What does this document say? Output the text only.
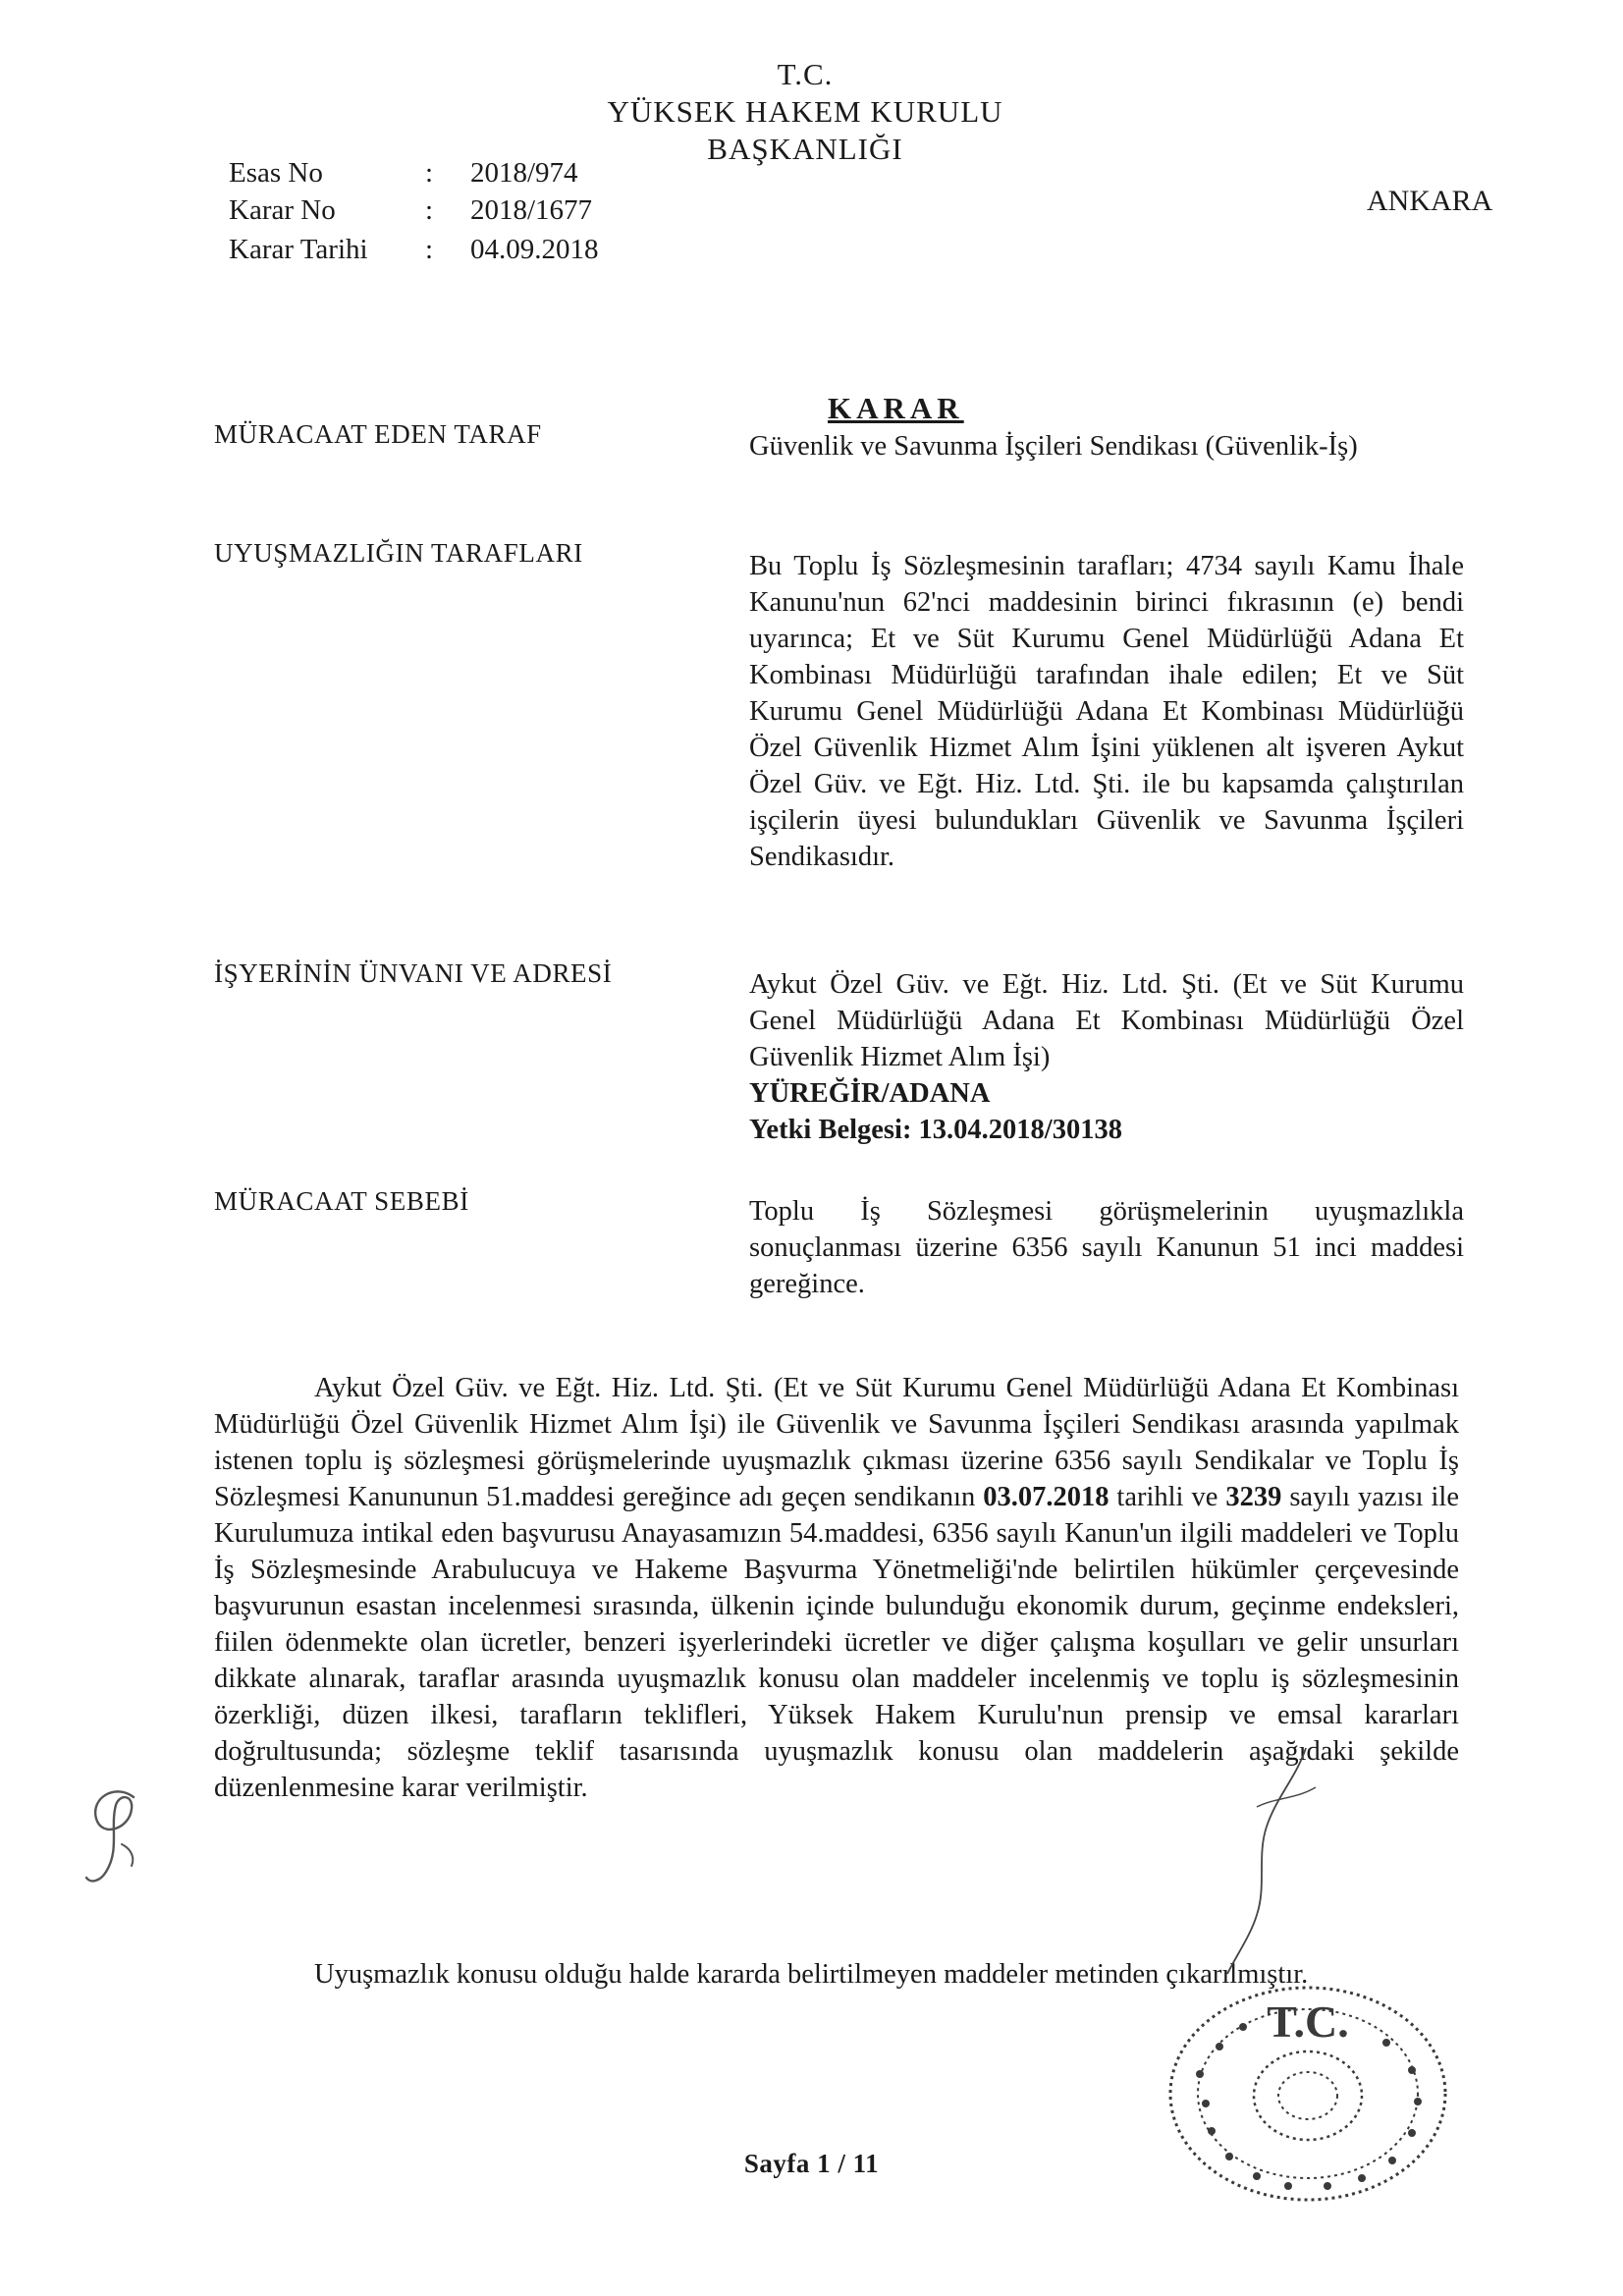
T.C.
YÜKSEK HAKEM KURULU
BAŞKANLIĞI
ANKARA
Esas No	: 2018/974
Karar No	: 2018/1677
Karar Tarihi : 04.09.2018
KARAR
MÜRACAAT EDEN TARAF	Güvenlik ve Savunma İşçileri Sendikası (Güvenlik-İş)
UYUŞMAZLIĞIN TARAFLARI	Bu Toplu İş Sözleşmesinin tarafları; 4734 sayılı Kamu İhale Kanunu'nun 62'nci maddesinin birinci fıkrasının (e) bendi uyarınca; Et ve Süt Kurumu Genel Müdürlüğü Adana Et Kombinası Müdürlüğü tarafından ihale edilen; Et ve Süt Kurumu Genel Müdürlüğü Adana Et Kombinası Müdürlüğü Özel Güvenlik Hizmet Alım İşini yüklenen alt işveren Aykut Özel Güv. ve Eğt. Hiz. Ltd. Şti. ile bu kapsamda çalıştırılan işçilerin üyesi bulundukları Güvenlik ve Savunma İşçileri Sendikasıdır.
İŞYERİNİN ÜNVANI VE ADRESİ	Aykut Özel Güv. ve Eğt. Hiz. Ltd. Şti. (Et ve Süt Kurumu Genel Müdürlüğü Adana Et Kombinası Müdürlüğü Özel Güvenlik Hizmet Alım İşi)
YÜREĞİR/ADANA
Yetki Belgesi: 13.04.2018/30138
MÜRACAAT SEBEBİ	Toplu İş Sözleşmesi görüşmelerinin uyuşmazlıkla sonuçlanması üzerine 6356 sayılı Kanunun 51 inci maddesi gereğince.
Aykut Özel Güv. ve Eğt. Hiz. Ltd. Şti. (Et ve Süt Kurumu Genel Müdürlüğü Adana Et Kombinası Müdürlüğü Özel Güvenlik Hizmet Alım İşi) ile Güvenlik ve Savunma İşçileri Sendikası arasında yapılmak istenen toplu iş sözleşmesi görüşmelerinde uyuşmazlık çıkması üzerine 6356 sayılı Sendikalar ve Toplu İş Sözleşmesi Kanununun 51.maddesi gereğince adı geçen sendikanın 03.07.2018 tarihli ve 3239 sayılı yazısı ile Kurulumuza intikal eden başvurusu Anayasamızın 54.maddesi, 6356 sayılı Kanun'un ilgili maddeleri ve Toplu İş Sözleşmesinde Arabulucuya ve Hakeme Başvurma Yönetmeliği'nde belirtilen hükümler çerçevesinde başvurunun esastan incelenmesi sırasında, ülkenin içinde bulunduğu ekonomik durum, geçinme endeksleri, fiilen ödenmekte olan ücretler, benzeri işyerlerindeki ücretler ve diğer çalışma koşulları ve gelir unsurları dikkate alınarak, taraflar arasında uyuşmazlık konusu olan maddeler incelenmiş ve toplu iş sözleşmesinin özerkliği, düzen ilkesi, tarafların teklifleri, Yüksek Hakem Kurulu'nun prensip ve emsal kararları doğrultusunda; sözleşme teklif tasarısında uyuşmazlık konusu olan maddelerin aşağıdaki şekilde düzenlenmesine karar verilmiştir.
Uyuşmazlık konusu olduğu halde kararda belirtilmeyen maddeler metinden çıkarılmıştır.
T.C.
Sayfa 1 / 11
